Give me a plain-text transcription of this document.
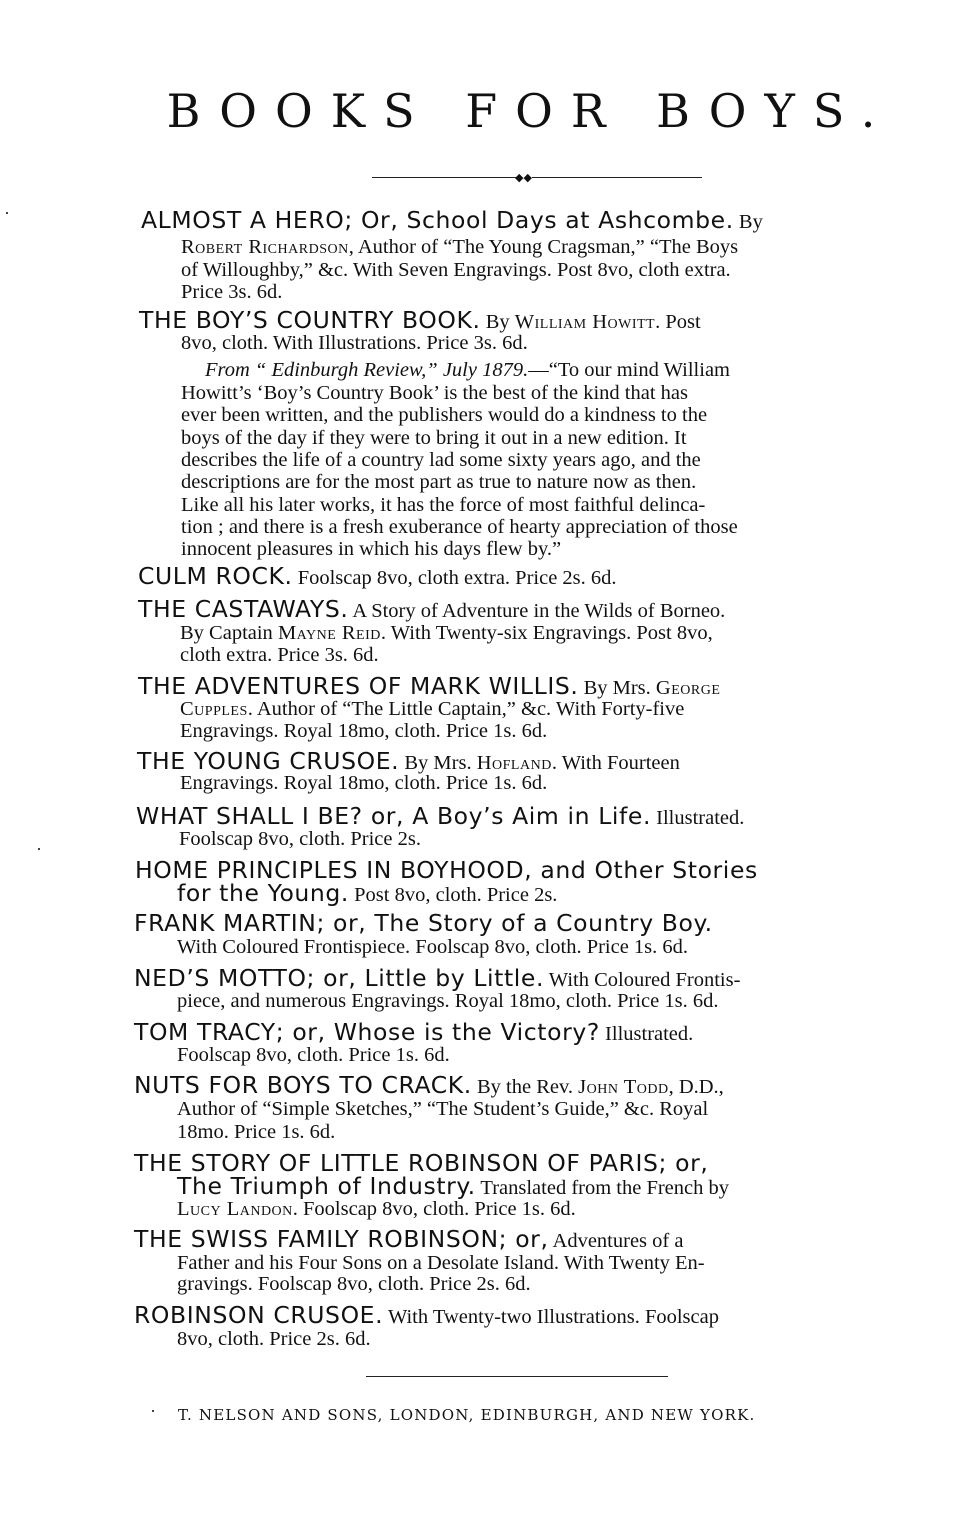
BOOKS FOR BOYS.
◆◆
ALMOST A HERO; Or, School Days at Ashcombe. By
Robert Richardson, Author of “The Young Cragsman,” “The Boys
of Willoughby,” &c. With Seven Engravings. Post 8vo, cloth extra.
Price 3s. 6d.
THE BOY’S COUNTRY BOOK. By William Howitt. Post
8vo, cloth. With Illustrations. Price 3s. 6d.
From “ Edinburgh Review,” July 1879.—“To our mind William
Howitt’s ‘Boy’s Country Book’ is the best of the kind that has
ever been written, and the publishers would do a kindness to the
boys of the day if they were to bring it out in a new edition. It
describes the life of a country lad some sixty years ago, and the
descriptions are for the most part as true to nature now as then.
Like all his later works, it has the force of most faithful delinca-
tion ; and there is a fresh exuberance of hearty appreciation of those
innocent pleasures in which his days flew by.”
CULM ROCK. Foolscap 8vo, cloth extra. Price 2s. 6d.
THE CASTAWAYS. A Story of Adventure in the Wilds of Borneo.
By Captain Mayne Reid. With Twenty-six Engravings. Post 8vo,
cloth extra. Price 3s. 6d.
THE ADVENTURES OF MARK WILLIS. By Mrs. George
Cupples. Author of “The Little Captain,” &c. With Forty-five
Engravings. Royal 18mo, cloth. Price 1s. 6d.
THE YOUNG CRUSOE. By Mrs. Hofland. With Fourteen
Engravings. Royal 18mo, cloth. Price 1s. 6d.
WHAT SHALL I BE? or, A Boy’s Aim in Life. Illustrated.
Foolscap 8vo, cloth. Price 2s.
HOME PRINCIPLES IN BOYHOOD, and Other Stories
for the Young. Post 8vo, cloth. Price 2s.
FRANK MARTIN; or, The Story of a Country Boy.
With Coloured Frontispiece. Foolscap 8vo, cloth. Price 1s. 6d.
NED’S MOTTO; or, Little by Little. With Coloured Frontis-
piece, and numerous Engravings. Royal 18mo, cloth. Price 1s. 6d.
TOM TRACY; or, Whose is the Victory? Illustrated.
Foolscap 8vo, cloth. Price 1s. 6d.
NUTS FOR BOYS TO CRACK. By the Rev. John Todd, D.D.,
Author of “Simple Sketches,” “The Student’s Guide,” &c. Royal
18mo. Price 1s. 6d.
THE STORY OF LITTLE ROBINSON OF PARIS; or,
The Triumph of Industry. Translated from the French by
Lucy Landon. Foolscap 8vo, cloth. Price 1s. 6d.
THE SWISS FAMILY ROBINSON; or, Adventures of a
Father and his Four Sons on a Desolate Island. With Twenty En-
gravings. Foolscap 8vo, cloth. Price 2s. 6d.
ROBINSON CRUSOE. With Twenty-two Illustrations. Foolscap
8vo, cloth. Price 2s. 6d.
T. NELSON AND SONS, LONDON, EDINBURGH, AND NEW YORK.
